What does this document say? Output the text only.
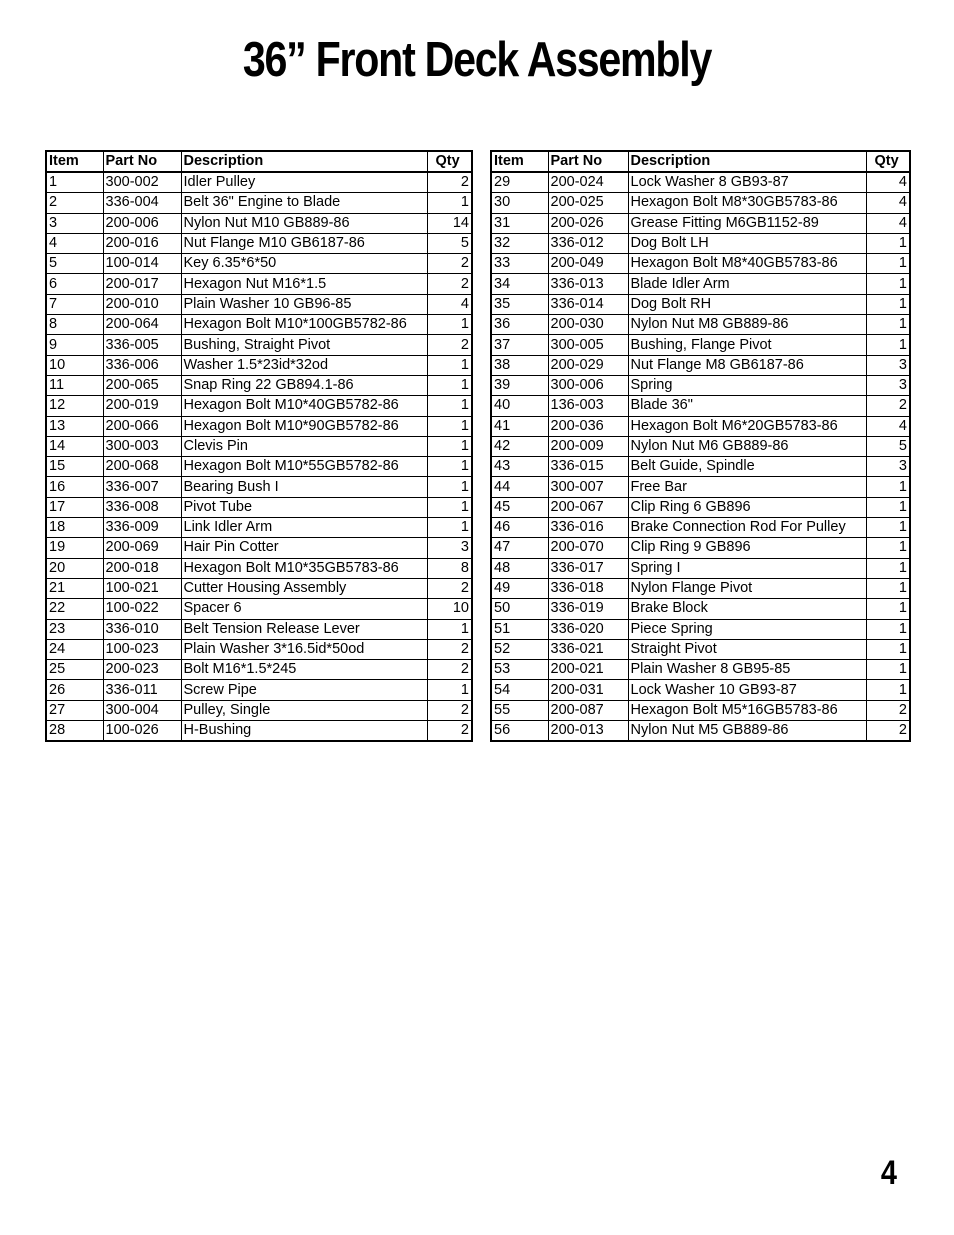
36” Front Deck Assembly
Item	Part No	Description	Qty
1	300-002	Idler Pulley	2
2	336-004	Belt 36" Engine to Blade	1
3	200-006	Nylon Nut M10 GB889-86	14
4	200-016	Nut Flange M10 GB6187-86	5
5	100-014	Key 6.35*6*50	2
6	200-017	Hexagon Nut M16*1.5	2
7	200-010	Plain Washer 10 GB96-85	4
8	200-064	Hexagon Bolt M10*100GB5782-86	1
9	336-005	Bushing, Straight Pivot	2
10	336-006	Washer 1.5*23id*32od	1
11	200-065	Snap Ring 22 GB894.1-86	1
12	200-019	Hexagon Bolt M10*40GB5782-86	1
13	200-066	Hexagon Bolt M10*90GB5782-86	1
14	300-003	Clevis Pin	1
15	200-068	Hexagon Bolt M10*55GB5782-86	1
16	336-007	Bearing Bush I	1
17	336-008	Pivot Tube	1
18	336-009	Link Idler Arm	1
19	200-069	Hair Pin Cotter	3
20	200-018	Hexagon Bolt M10*35GB5783-86	8
21	100-021	Cutter Housing Assembly	2
22	100-022	Spacer 6	10
23	336-010	Belt Tension Release Lever	1
24	100-023	Plain Washer 3*16.5id*50od	2
25	200-023	Bolt M16*1.5*245	2
26	336-011	Screw Pipe	1
27	300-004	Pulley, Single	2
28	100-026	H-Bushing	2
Item	Part No	Description	Qty
29	200-024	Lock Washer 8 GB93-87	4
30	200-025	Hexagon Bolt M8*30GB5783-86	4
31	200-026	Grease Fitting M6GB1152-89	4
32	336-012	Dog Bolt LH	1
33	200-049	Hexagon Bolt M8*40GB5783-86	1
34	336-013	Blade Idler Arm	1
35	336-014	Dog Bolt RH	1
36	200-030	Nylon Nut M8 GB889-86	1
37	300-005	Bushing, Flange Pivot	1
38	200-029	Nut Flange M8 GB6187-86	3
39	300-006	Spring	3
40	136-003	Blade 36"	2
41	200-036	Hexagon Bolt M6*20GB5783-86	4
42	200-009	Nylon Nut M6 GB889-86	5
43	336-015	Belt Guide, Spindle	3
44	300-007	Free Bar	1
45	200-067	Clip Ring 6 GB896	1
46	336-016	Brake Connection Rod For Pulley	1
47	200-070	Clip Ring 9 GB896	1
48	336-017	Spring I	1
49	336-018	Nylon Flange Pivot	1
50	336-019	Brake Block	1
51	336-020	Piece Spring	1
52	336-021	Straight Pivot	1
53	200-021	Plain Washer 8 GB95-85	1
54	200-031	Lock Washer 10 GB93-87	1
55	200-087	Hexagon Bolt M5*16GB5783-86	2
56	200-013	Nylon Nut M5 GB889-86	2
4
